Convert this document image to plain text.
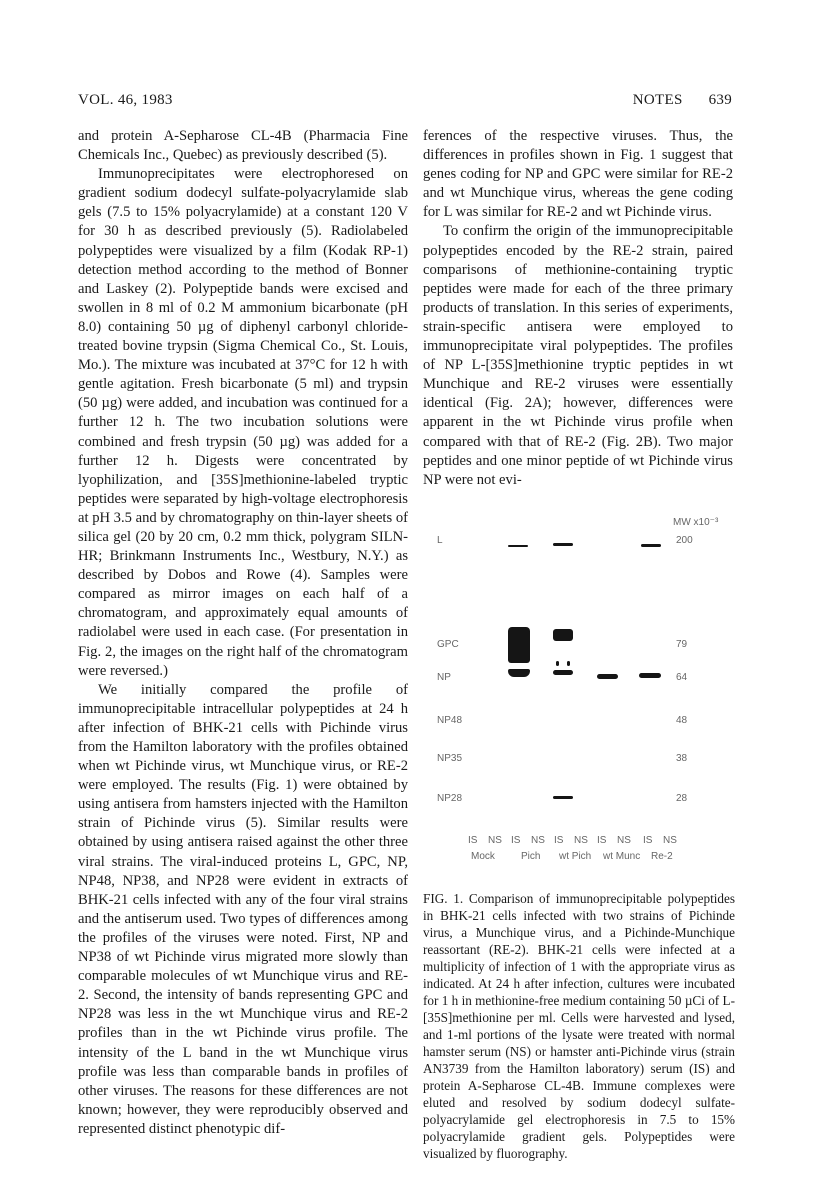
VOL. 46, 1983	NOTES 639

and protein A-Sepharose CL-4B (Pharmacia Fine Chemicals Inc., Quebec) as previously described (5).

Immunoprecipitates were electrophoresed on gradient sodium dodecyl sulfate-polyacrylamide slab gels (7.5 to 15% polyacrylamide) at a constant 120 V for 30 h as described previously (5). Radiolabeled polypeptides were visualized by a film (Kodak RP-1) detection method according to the method of Bonner and Laskey (2). Polypeptide bands were excised and swollen in 8 ml of 0.2 M ammonium bicarbonate (pH 8.0) containing 50 µg of diphenyl carbonyl chloride-treated bovine trypsin (Sigma Chemical Co., St. Louis, Mo.). The mixture was incubated at 37°C for 12 h with gentle agitation. Fresh bicarbonate (5 ml) and trypsin (50 µg) were added, and incubation was continued for a further 12 h. The two incubation solutions were combined and fresh trypsin (50 µg) was added for a further 12 h. Digests were concentrated by lyophilization, and [35S]methionine-labeled tryptic peptides were separated by high-voltage electrophoresis at pH 3.5 and by chromatography on thin-layer sheets of silica gel (20 by 20 cm, 0.2 mm thick, polygram SILN-HR; Brinkmann Instruments Inc., Westbury, N.Y.) as described by Dobos and Rowe (4). Samples were compared as mirror images on each half of a chromatogram, and approximately equal amounts of radiolabel were used in each case. (For presentation in Fig. 2, the images on the right half of the chromatogram were reversed.)

We initially compared the profile of immunoprecipitable intracellular polypeptides at 24 h after infection of BHK-21 cells with Pichinde virus from the Hamilton laboratory with the profiles obtained when wt Pichinde virus, wt Munchique virus, or RE-2 were employed. The results (Fig. 1) were obtained by using antisera from hamsters injected with the Hamilton strain of Pichinde virus (5). Similar results were obtained by using antisera raised against the other three viral strains. The viral-induced proteins L, GPC, NP, NP48, NP38, and NP28 were evident in extracts of BHK-21 cells infected with any of the four viral strains and the antiserum used. Two types of differences among the profiles of the viruses were noted. First, NP and NP38 of wt Pichinde virus migrated more slowly than comparable molecules of wt Munchique virus and RE-2. Second, the intensity of bands representing GPC and NP28 was less in the wt Munchique virus and RE-2 profiles than in the wt Pichinde virus profile. The intensity of the L band in the wt Munchique virus profile was less than comparable bands in profiles of other viruses. The reasons for these differences are not known; however, they were reproducibly observed and represented distinct phenotypic dif-

ferences of the respective viruses. Thus, the differences in profiles shown in Fig. 1 suggest that genes coding for NP and GPC were similar for RE-2 and wt Munchique virus, whereas the gene coding for L was similar for RE-2 and wt Pichinde virus.

To confirm the origin of the immunoprecipitable polypeptides encoded by the RE-2 strain, paired comparisons of methionine-containing tryptic peptides were made for each of the three primary products of translation. In this series of experiments, strain-specific antisera were employed to immunoprecipitate viral polypeptides. The profiles of NP L-[35S]methionine tryptic peptides in wt Munchique and RE-2 viruses were essentially identical (Fig. 2A); however, differences were apparent in the wt Pichinde virus profile when compared with that of RE-2 (Fig. 2B). Two major peptides and one minor peptide of wt Pichinde virus NP were not evi-

MW x10⁻³
L
GPC
NP
NP48
NP35
NP28
200
79
64
48
38
28
IS NS IS NS IS NS IS NS IS NS
Mock	Pich wt Pich wt Munc Re-2

FIG. 1. Comparison of immunoprecipitable polypeptides in BHK-21 cells infected with two strains of Pichinde virus, a Munchique virus, and a Pichinde-Munchique reassortant (RE-2). BHK-21 cells were infected at a multiplicity of infection of 1 with the appropriate virus as indicated. At 24 h after infection, cultures were incubated for 1 h in methionine-free medium containing 50 µCi of L-[35S]methionine per ml. Cells were harvested and lysed, and 1-ml portions of the lysate were treated with normal hamster serum (NS) or hamster anti-Pichinde virus (strain AN3739 from the Hamilton laboratory) serum (IS) and protein A-Sepharose CL-4B. Immune complexes were eluted and resolved by sodium dodecyl sulfate-polyacrylamide gel electrophoresis in 7.5 to 15% polyacrylamide gradient gels. Polypeptides were visualized by fluorography.
